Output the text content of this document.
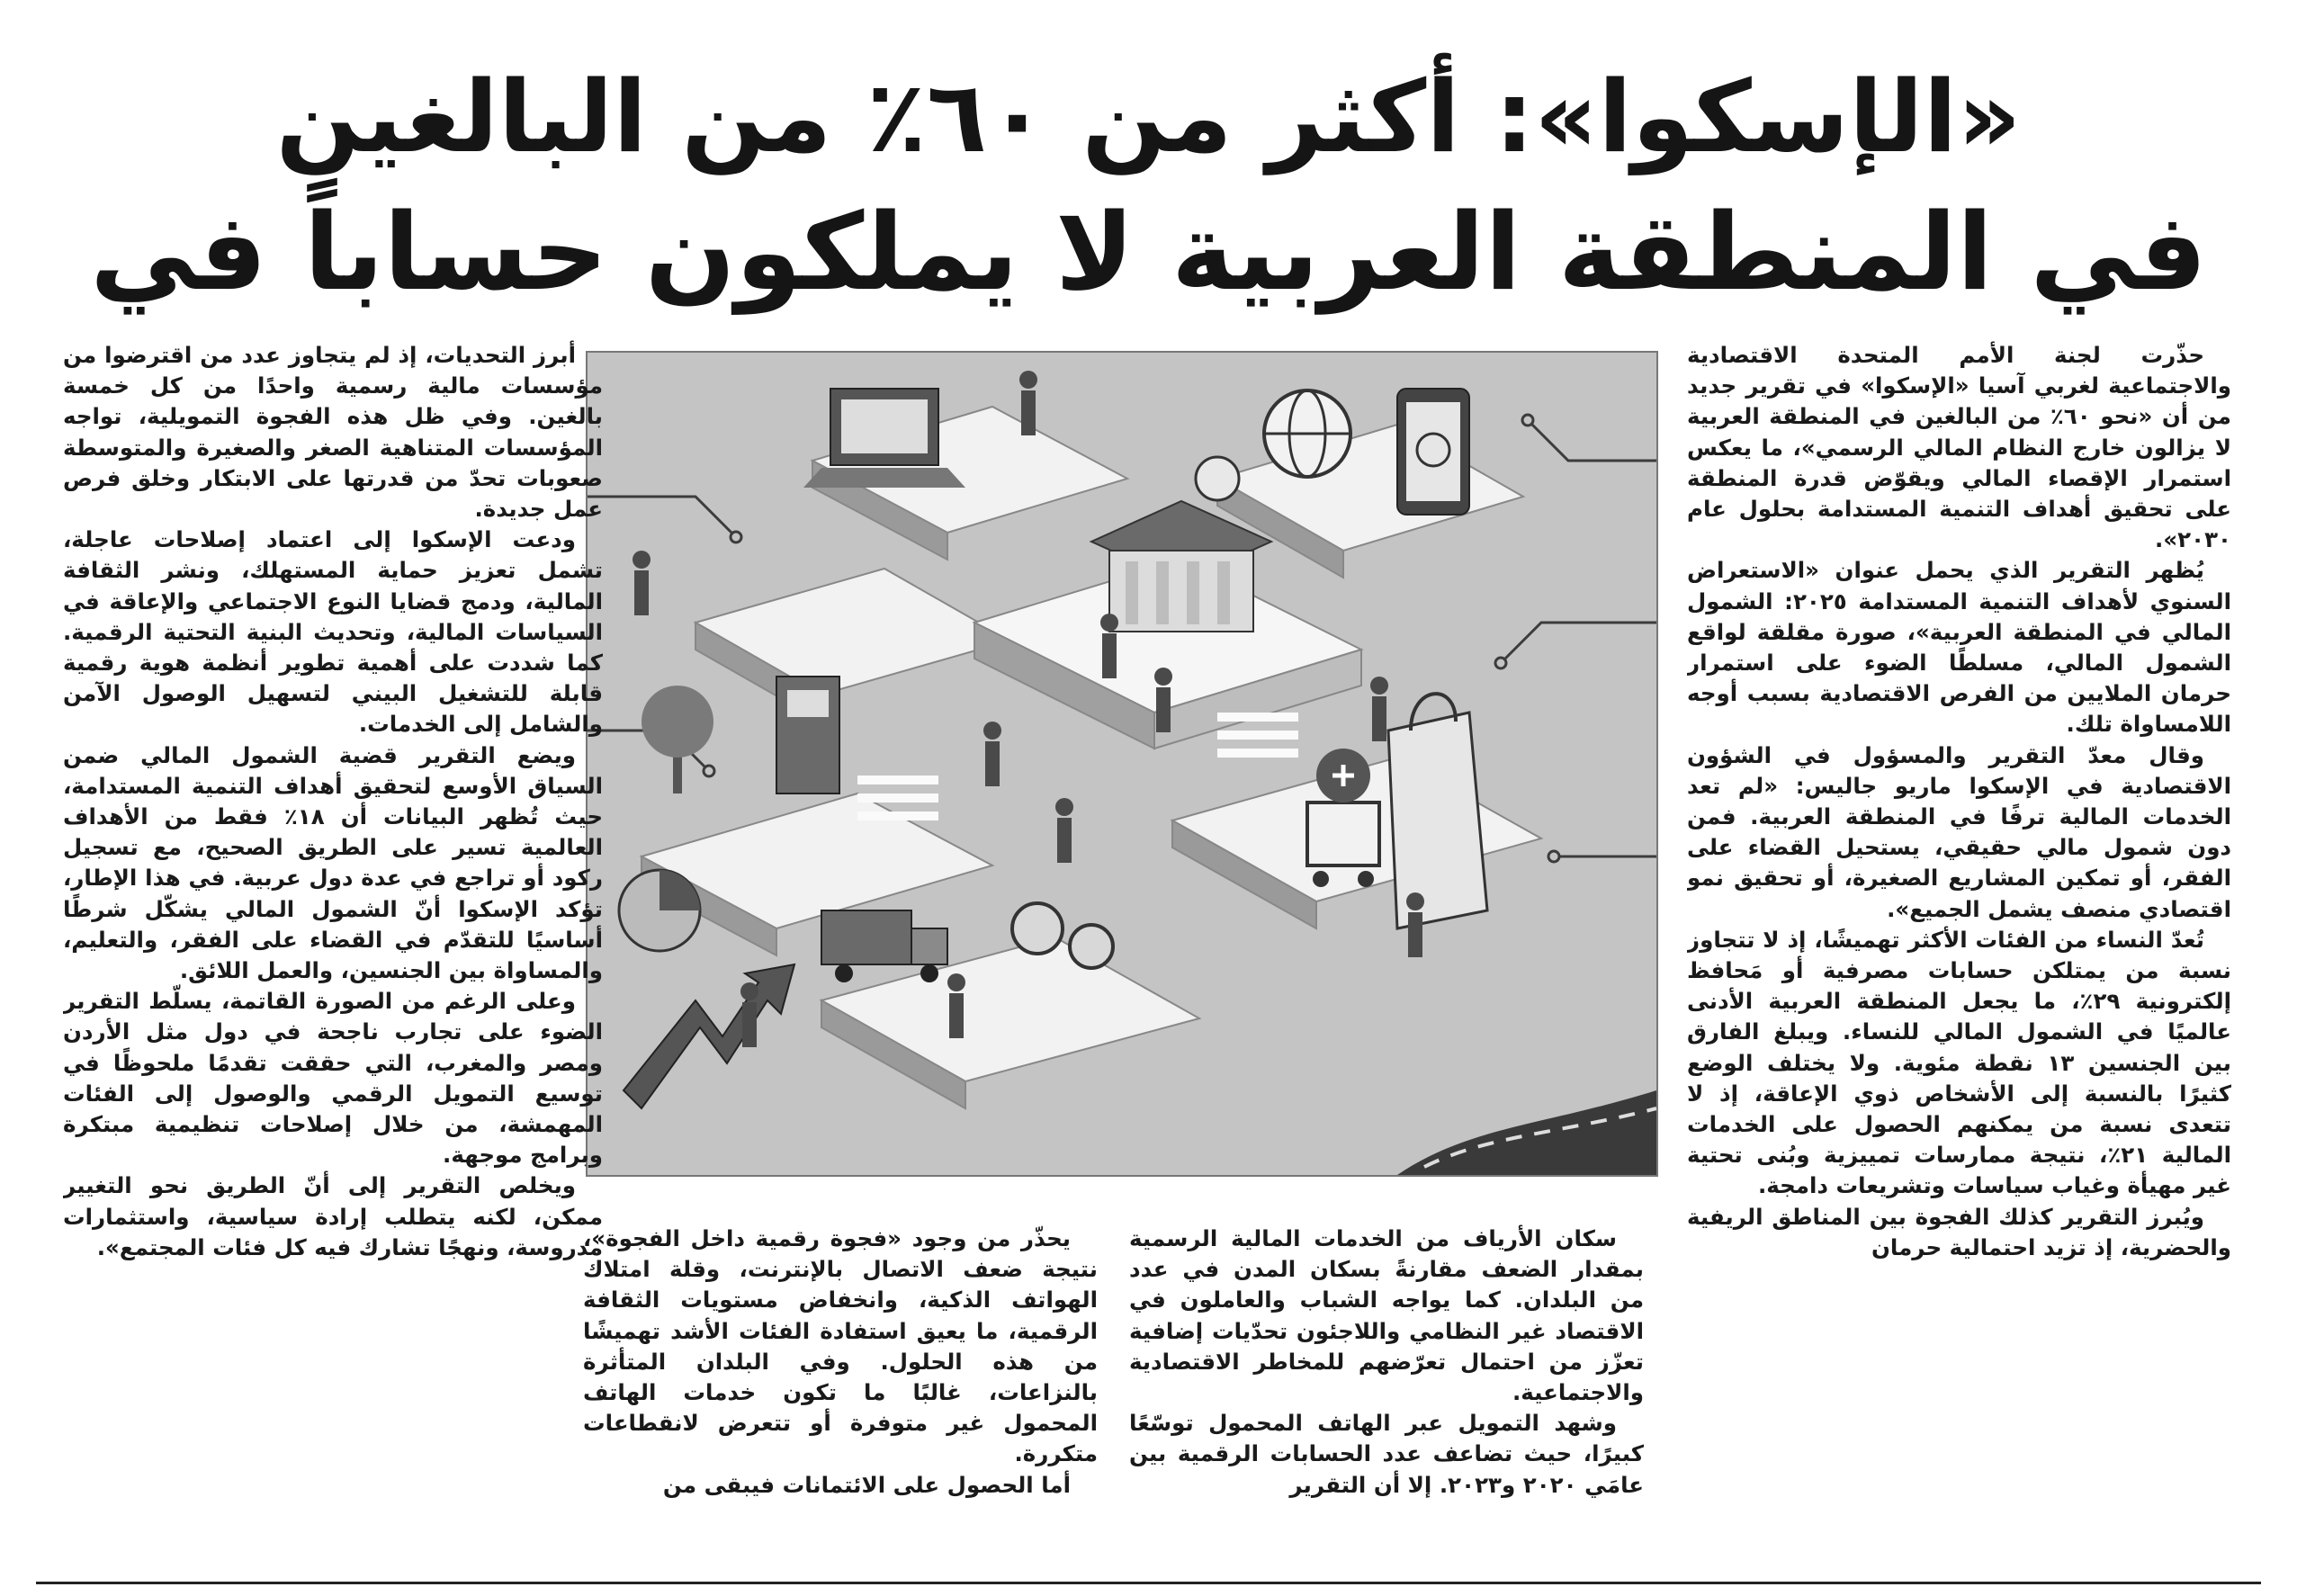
«الإسكوا»: أكثر من ٦٠٪ من البالغين
في المنطقة العربية لا يملكون حساباً في

حذّرت لجنة الأمم المتحدة الاقتصادية والاجتماعية لغربي آسيا «الإسكوا» في تقرير جديد من أن «نحو ٦٠٪ من البالغين في المنطقة العربية لا يزالون خارج النظام المالي الرسمي»، ما يعكس استمرار الإقصاء المالي ويقوّض قدرة المنطقة على تحقيق أهداف التنمية المستدامة بحلول عام ٢٠٣٠».

يُظهر التقرير الذي يحمل عنوان «الاستعراض السنوي لأهداف التنمية المستدامة ٢٠٢٥: الشمول المالي في المنطقة العربية»، صورة مقلقة لواقع الشمول المالي، مسلطًا الضوء على استمرار حرمان الملايين من الفرص الاقتصادية بسبب أوجه اللامساواة تلك.

وقال معدّ التقرير والمسؤول في الشؤون الاقتصادية في الإسكوا ماريو جاليس: «لم تعد الخدمات المالية ترفًا في المنطقة العربية. فمن دون شمول مالي حقيقي، يستحيل القضاء على الفقر، أو تمكين المشاريع الصغيرة، أو تحقيق نمو اقتصادي منصف يشمل الجميع».

تُعدّ النساء من الفئات الأكثر تهميشًا، إذ لا تتجاوز نسبة من يمتلكن حسابات مصرفية أو مَحافظ إلكترونية ٢٩٪، ما يجعل المنطقة العربية الأدنى عالميًا في الشمول المالي للنساء. ويبلغ الفارق بين الجنسين ١٣ نقطة مئوية. ولا يختلف الوضع كثيرًا بالنسبة إلى الأشخاص ذوي الإعاقة، إذ لا تتعدى نسبة من يمكنهم الحصول على الخدمات المالية ٢١٪، نتيجة ممارسات تمييزية وبُنى تحتية غير مهيأة وغياب سياسات وتشريعات دامجة.

ويُبرز التقرير كذلك الفجوة بين المناطق الريفية والحضرية، إذ تزيد احتمالية حرمان

سكان الأرياف من الخدمات المالية الرسمية بمقدار الضعف مقارنةً بسكان المدن في عدد من البلدان. كما يواجه الشباب والعاملون في الاقتصاد غير النظامي واللاجئون تحدّيات إضافية تعزّز من احتمال تعرّضهم للمخاطر الاقتصادية والاجتماعية.

وشهد التمويل عبر الهاتف المحمول توسّعًا كبيرًا، حيث تضاعف عدد الحسابات الرقمية بين عامَي ٢٠٢٠ و٢٠٢٣. إلا أن التقرير

يحذّر من وجود «فجوة رقمية داخل الفجوة»، نتيجة ضعف الاتصال بالإنترنت، وقلة امتلاك الهواتف الذكية، وانخفاض مستويات الثقافة الرقمية، ما يعيق استفادة الفئات الأشد تهميشًا من هذه الحلول. وفي البلدان المتأثرة بالنزاعات، غالبًا ما تكون خدمات الهاتف المحمول غير متوفرة أو تتعرض لانقطاعات متكررة.

أما الحصول على الائتمانات فيبقى من

أبرز التحديات، إذ لم يتجاوز عدد من اقترضوا من مؤسسات مالية رسمية واحدًا من كل خمسة بالغين. وفي ظل هذه الفجوة التمويلية، تواجه المؤسسات المتناهية الصغر والصغيرة والمتوسطة صعوبات تحدّ من قدرتها على الابتكار وخلق فرص عمل جديدة.

ودعت الإسكوا إلى اعتماد إصلاحات عاجلة، تشمل تعزيز حماية المستهلك، ونشر الثقافة المالية، ودمج قضايا النوع الاجتماعي والإعاقة في السياسات المالية، وتحديث البنية التحتية الرقمية. كما شددت على أهمية تطوير أنظمة هوية رقمية قابلة للتشغيل البيني لتسهيل الوصول الآمن والشامل إلى الخدمات.

ويضع التقرير قضية الشمول المالي ضمن السياق الأوسع لتحقيق أهداف التنمية المستدامة، حيث تُظهر البيانات أن ١٨٪ فقط من الأهداف العالمية تسير على الطريق الصحيح، مع تسجيل ركود أو تراجع في عدة دول عربية. في هذا الإطار، تؤكد الإسكوا أنّ الشمول المالي يشكّل شرطًا أساسيًا للتقدّم في القضاء على الفقر، والتعليم، والمساواة بين الجنسين، والعمل اللائق.

وعلى الرغم من الصورة القاتمة، يسلّط التقرير الضوء على تجارب ناجحة في دول مثل الأردن ومصر والمغرب، التي حققت تقدمًا ملحوظًا في توسيع التمويل الرقمي والوصول إلى الفئات المهمشة، من خلال إصلاحات تنظيمية مبتكرة وبرامج موجهة.

ويخلص التقرير إلى أنّ الطريق نحو التغيير ممكن، لكنه يتطلب إرادة سياسية، واستثمارات مدروسة، ونهجًا تشارك فيه كل فئات المجتمع».
